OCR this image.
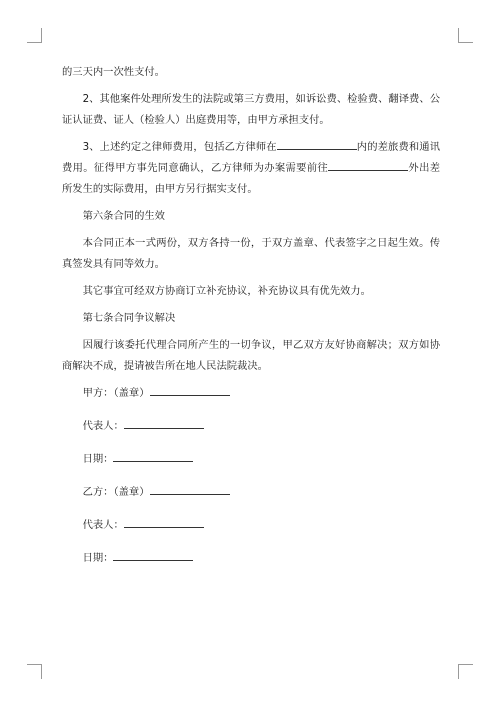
的三天内一次性支付。

2、其他案件处理所发生的法院或第三方费用，如诉讼费、检验费、翻译费、公证认证费、证人（检验人）出庭费用等，由甲方承担支付。

3、上述约定之律师费用，包括乙方律师在	内的差旅费和通讯费用。征得甲方事先同意确认，乙方律师为办案需要前往	外出差所发生的实际费用，由甲方另行据实支付。

第六条合同的生效

本合同正本一式两份，双方各持一份，于双方盖章、代表签字之日起生效。传真签发具有同等效力。

其它事宜可经双方协商订立补充协议，补充协议具有优先效力。

第七条合同争议解决

因履行该委托代理合同所产生的一切争议，甲乙双方友好协商解决；双方如协商解决不成，提请被告所在地人民法院裁决。

甲方：（盖章）
代表人：
日期：
乙方：（盖章）
代表人：
日期：
